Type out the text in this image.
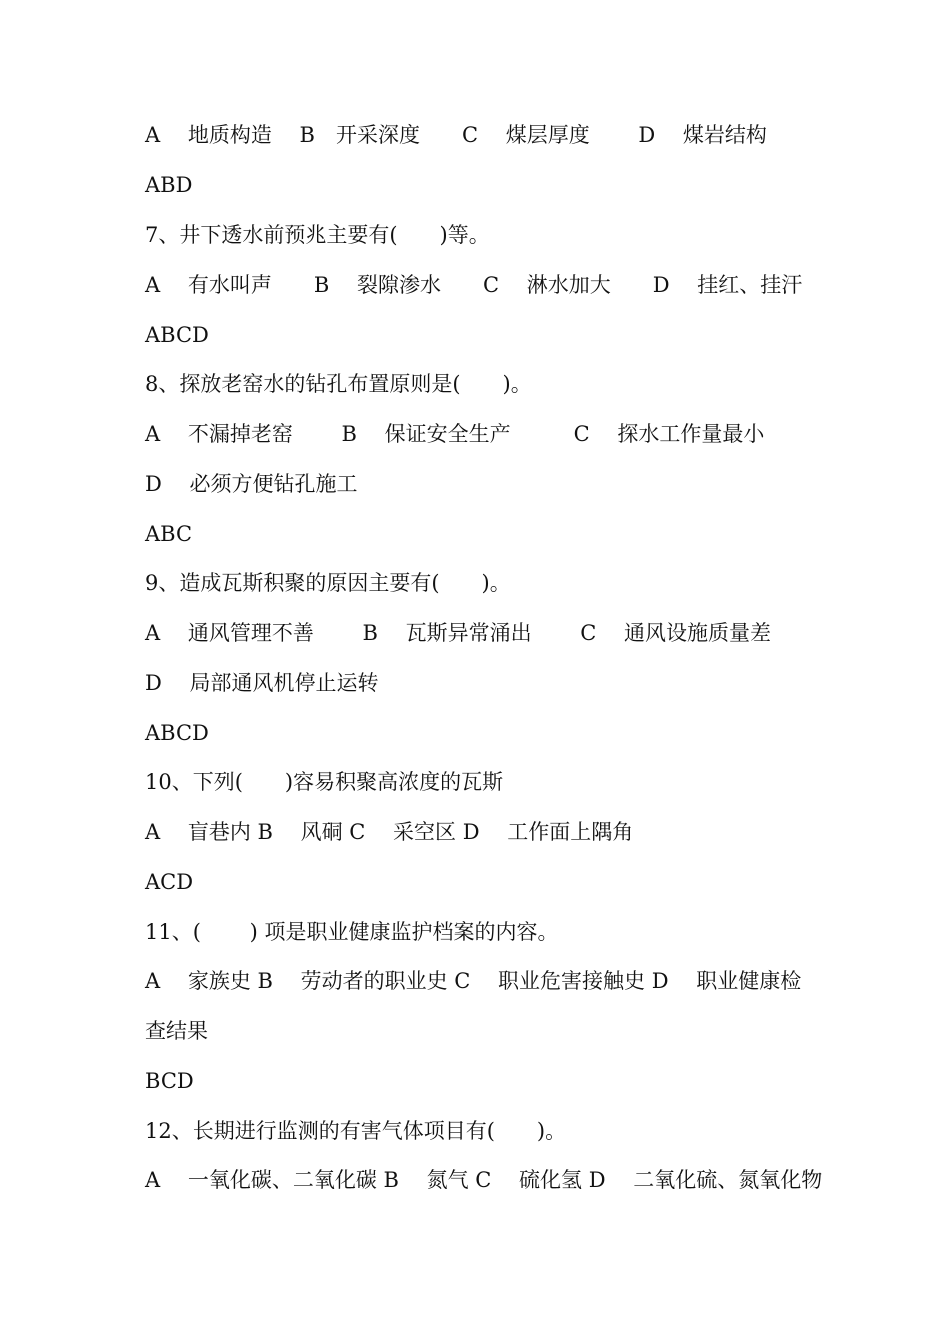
A　 地质构造　 B　开采深度　　C　 煤层厚度　　 D　 煤岩结构
ABD
7、井下透水前预兆主要有(　　)等。
A　 有水叫声　　B　 裂隙渗水　　C　 淋水加大　　D　 挂红、挂汗
ABCD
8、探放老窑水的钻孔布置原则是(　　)。
A　 不漏掉老窑　　 B　 保证安全生产　　　C　 探水工作量最小
D　 必须方便钻孔施工
ABC
9、造成瓦斯积聚的原因主要有(　　)。
A　 通风管理不善　　 B　 瓦斯异常涌出　　 C　 通风设施质量差
D　 局部通风机停止运转
ABCD
10、下列(　　)容易积聚高浓度的瓦斯
A　 盲巷内 B　 风硐 C　 采空区 D　 工作面上隅角
ACD
11、(　　 ) 项是职业健康监护档案的内容。
A　 家族史 B　 劳动者的职业史 C　 职业危害接触史 D　 职业健康检
查结果
BCD
12、长期进行监测的有害气体项目有(　　)。
A　 一氧化碳、二氧化碳 B　 氮气 C　 硫化氢 D　 二氧化硫、氮氧化物
